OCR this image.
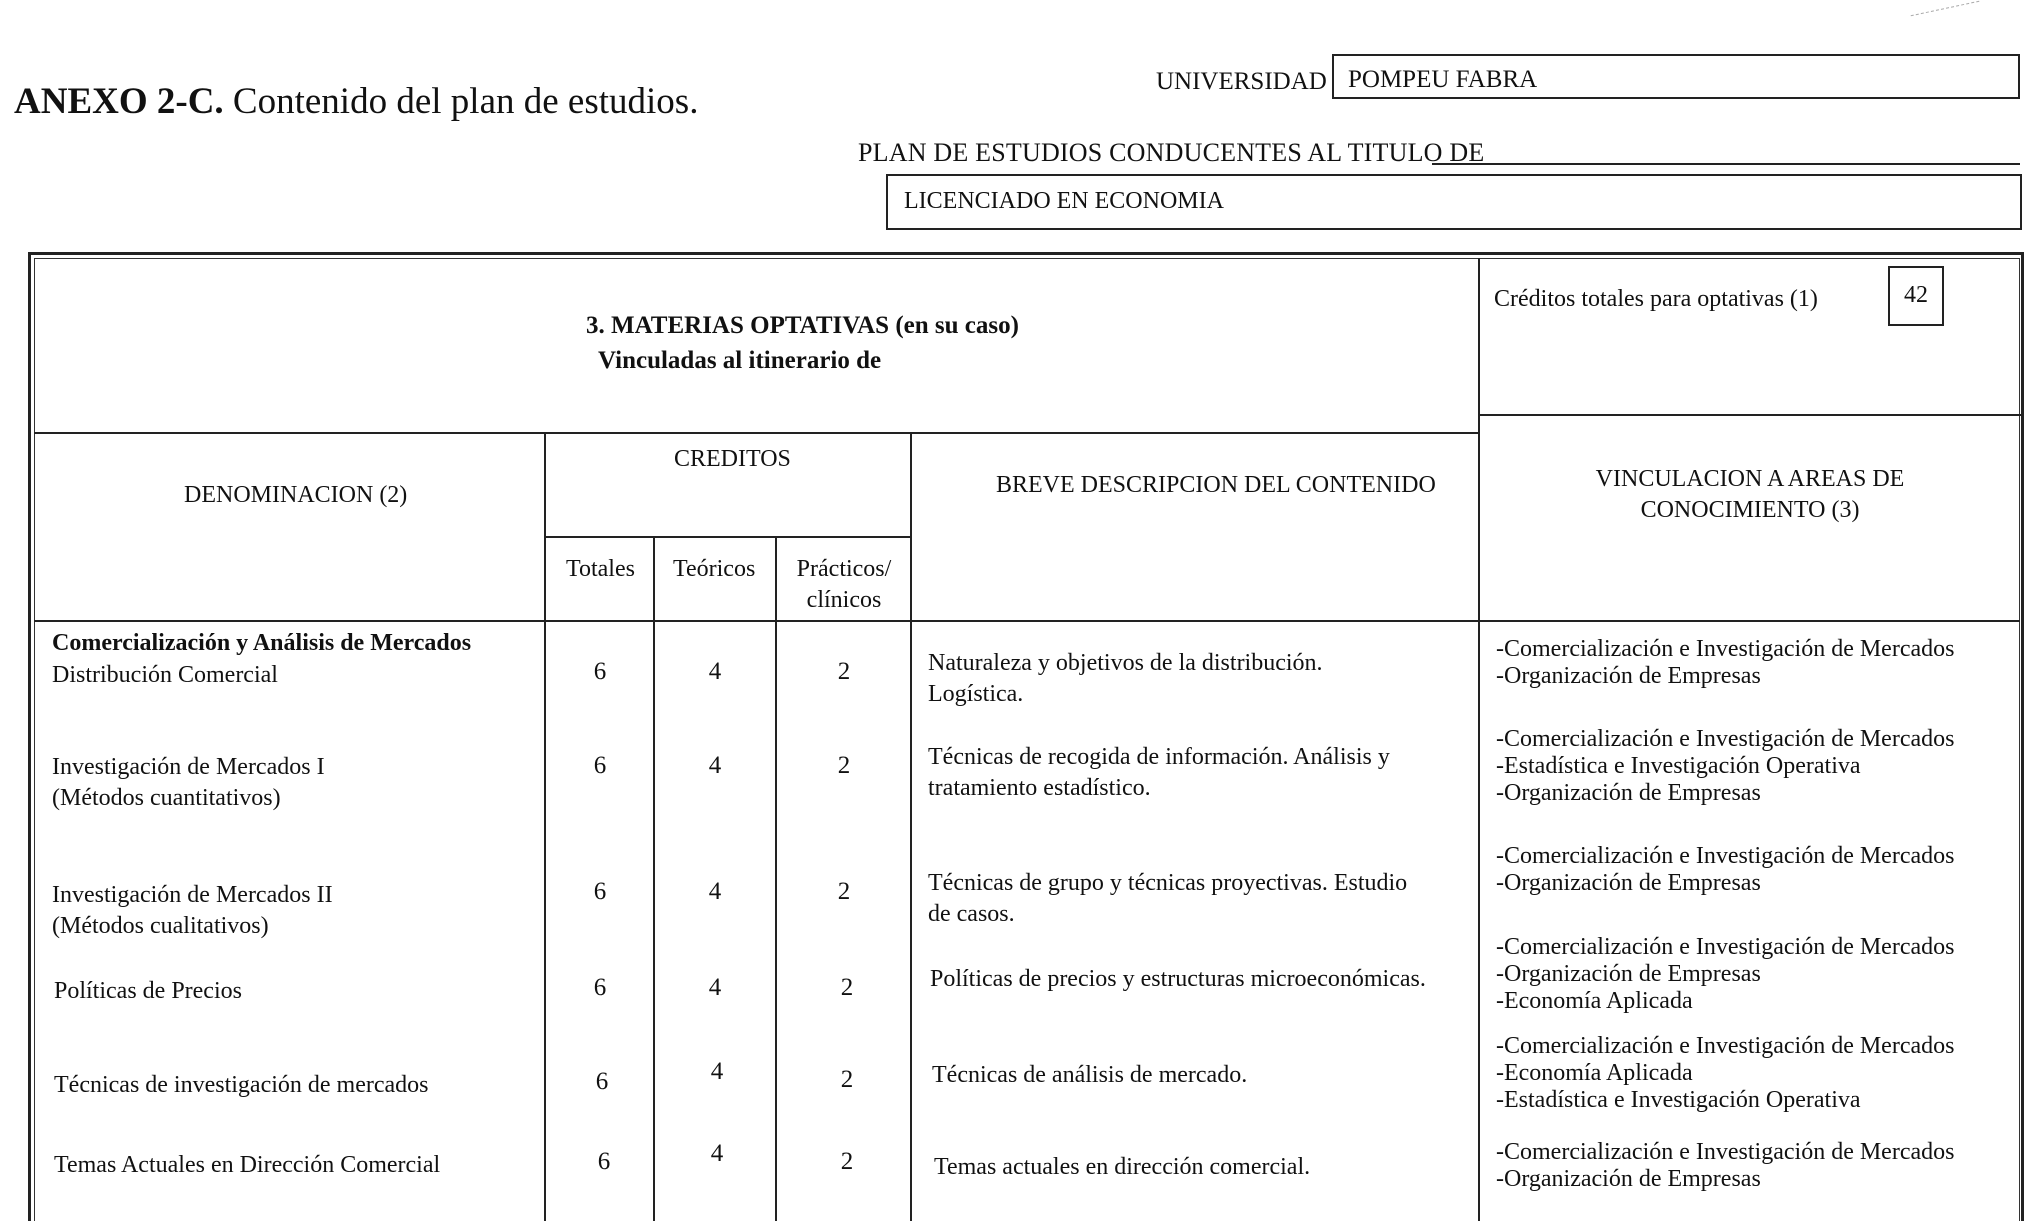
ANEXO 2-C. Contenido del plan de estudios.	UNIVERSIDAD POMPEU FABRA
PLAN DE ESTUDIOS CONDUCENTES AL TITULO DE
LICENCIADO EN ECONOMIA
3. MATERIAS OPTATIVAS (en su caso)
Vinculadas al itinerario de
Créditos totales para optativas (1)	42
DENOMINACION (2)
CREDITOS
Totales Teóricos	Prácticos/
clínicos
BREVE DESCRIPCION DEL CONTENIDO	VINCULACION A AREAS DE
CONOCIMIENTO (3)
Comercialización y Análisis de Mercados
Distribución Comercial	6	4	2	Naturaleza y objetivos de la distribución.
Logística.
-Comercialización e Investigación de Mercados
-Organización de Empresas
Investigación de Mercados I
(Métodos cuantitativos)
6	4	2	Técnicas de recogida de información. Análisis y
tratamiento estadístico.
-Comercialización e Investigación de Mercados
-Estadística e Investigación Operativa
-Organización de Empresas
Investigación de Mercados II
(Métodos cualitativos)
6	4	2	Técnicas de grupo y técnicas proyectivas. Estudio
de casos.
-Comercialización e Investigación de Mercados
-Organización de Empresas
Políticas de Precios	6	4	2	Políticas de precios y estructuras microeconómicas.
-Comercialización e Investigación de Mercados
-Organización de Empresas
-Economía Aplicada
Técnicas de investigación de mercados	6	4	2	Técnicas de análisis de mercado.
-Comercialización e Investigación de Mercados
-Economía Aplicada
-Estadística e Investigación Operativa
Temas Actuales en Dirección Comercial	6	4	2	Temas actuales en dirección comercial.
-Comercialización e Investigación de Mercados
-Organización de Empresas
